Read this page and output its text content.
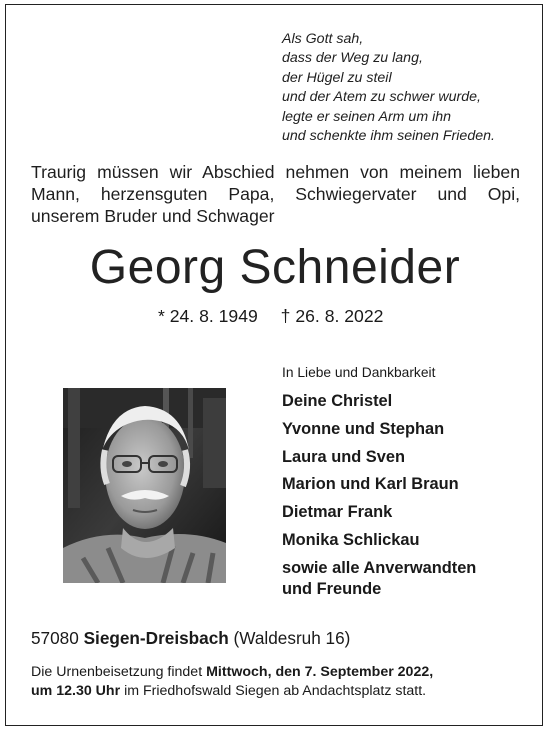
Als Gott sah,
dass der Weg zu lang,
der Hügel zu steil
und der Atem zu schwer wurde,
legte er seinen Arm um ihn
und schenkte ihm seinen Frieden.
Traurig müssen wir Abschied nehmen von meinem lieben
Mann, herzensguten Papa, Schwiegervater und Opi,
unserem Bruder und Schwager
Georg Schneider
* 24. 8. 1949 † 26. 8. 2022
In Liebe und Dankbarkeit
Deine Christel
Yvonne und Stephan
Laura und Sven
Marion und Karl Braun
Dietmar Frank
Monika Schlickau
sowie alle Anverwandten
und Freunde
57080 Siegen-Dreisbach (Waldesruh 16)
Die Urnenbeisetzung findet Mittwoch, den 7. September 2022,
um 12.30 Uhr im Friedhofswald Siegen ab Andachtsplatz statt.
